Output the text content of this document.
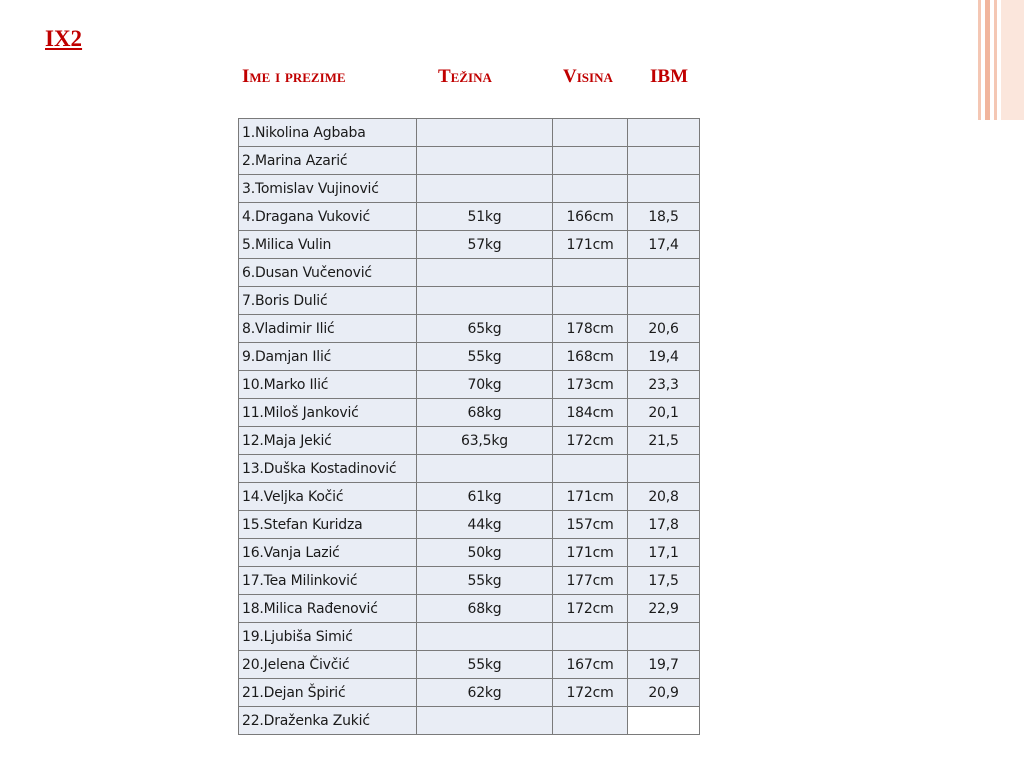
IX2
Ime i prezime	Težina	Visina IBM
1.Nikolina Agbaba			
2.Marina Azarić			
3.Tomislav Vujinović			
4.Dragana Vuković	51kg	166cm	18,5
5.Milica Vulin	57kg	171cm	17,4
6.Dusan Vučenović			
7.Boris Dulić			
8.Vladimir Ilić	65kg	178cm	20,6
9.Damjan Ilić	55kg	168cm	19,4
10.Marko Ilić	70kg	173cm	23,3
11.Miloš Janković	68kg	184cm	20,1
12.Maja Jekić	63,5kg	172cm	21,5
13.Duška Kostadinović			
14.Veljka Kočić	61kg	171cm	20,8
15.Stefan Kuridza	44kg	157cm	17,8
16.Vanja Lazić	50kg	171cm	17,1
17.Tea Milinković	55kg	177cm	17,5
18.Milica Rađenović	68kg	172cm	22,9
19.Ljubiša Simić			
20.Jelena Čivčić	55kg	167cm	19,7
21.Dejan Špirić	62kg	172cm	20,9
22.Draženka Zukić			
